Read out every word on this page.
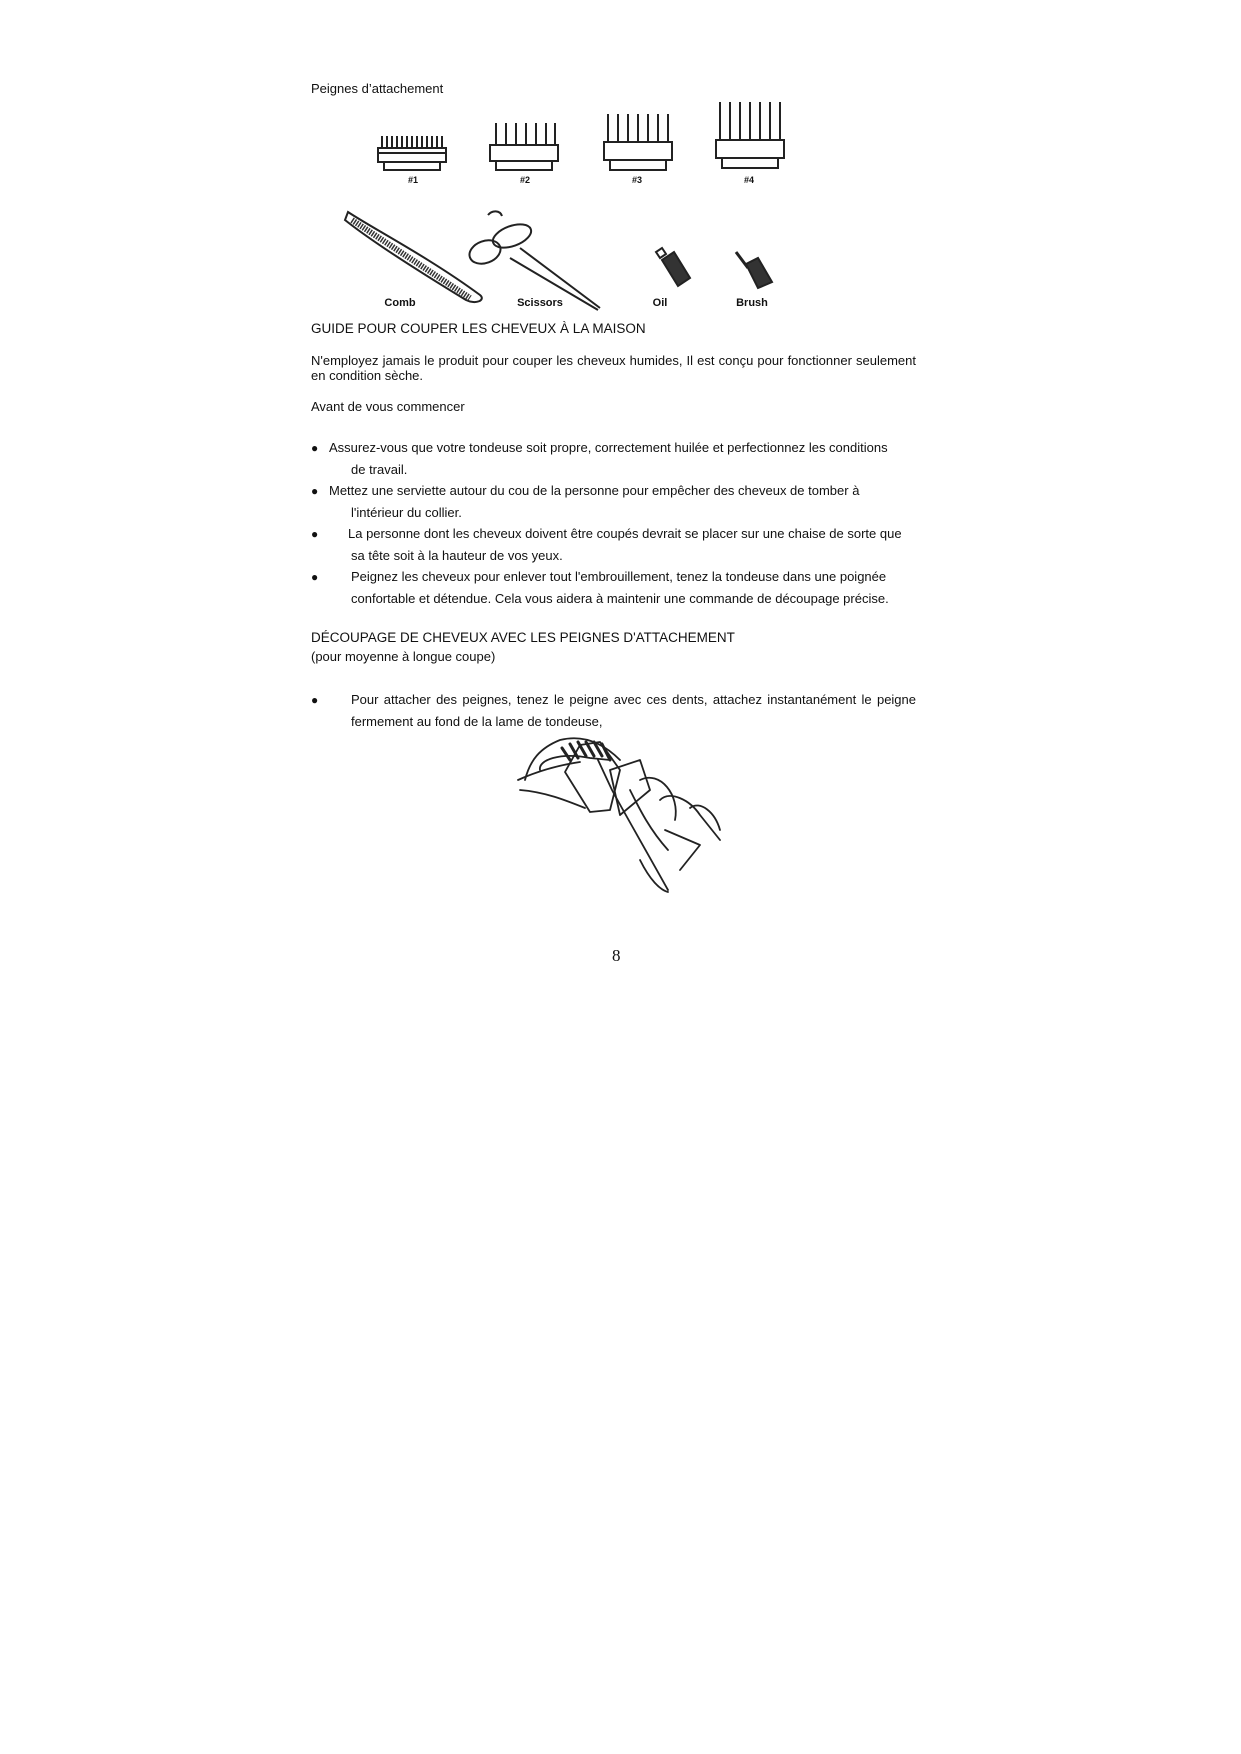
Peignes d’attachement
#1	#2	#3	#4
Comb	Scissors	Oil	Brush
GUIDE POUR COUPER LES CHEVEUX À LA MAISON
N'employez jamais le produit pour couper les cheveux humides, Il est conçu pour fonctionner seulement en condition sèche.
Avant de vous commencer
● Assurez-vous que votre tondeuse soit propre, correctement huilée et perfectionnez les conditions de travail.
● Mettez une serviette autour du cou de la personne pour empêcher des cheveux de tomber à l'intérieur du collier.
● La personne dont les cheveux doivent être coupés devrait se placer sur une chaise de sorte que sa tête soit à la hauteur de vos yeux.
●	Peignez les cheveux pour enlever tout l'embrouillement, tenez la tondeuse dans une poignée confortable et détendue. Cela vous aidera à maintenir une commande de découpage précise.
DÉCOUPAGE DE CHEVEUX AVEC LES PEIGNES D'ATTACHEMENT
(pour moyenne à longue coupe)
●	Pour attacher des peignes, tenez le peigne avec ces dents, attachez instantanément le peigne fermement au fond de la lame de tondeuse,
8
